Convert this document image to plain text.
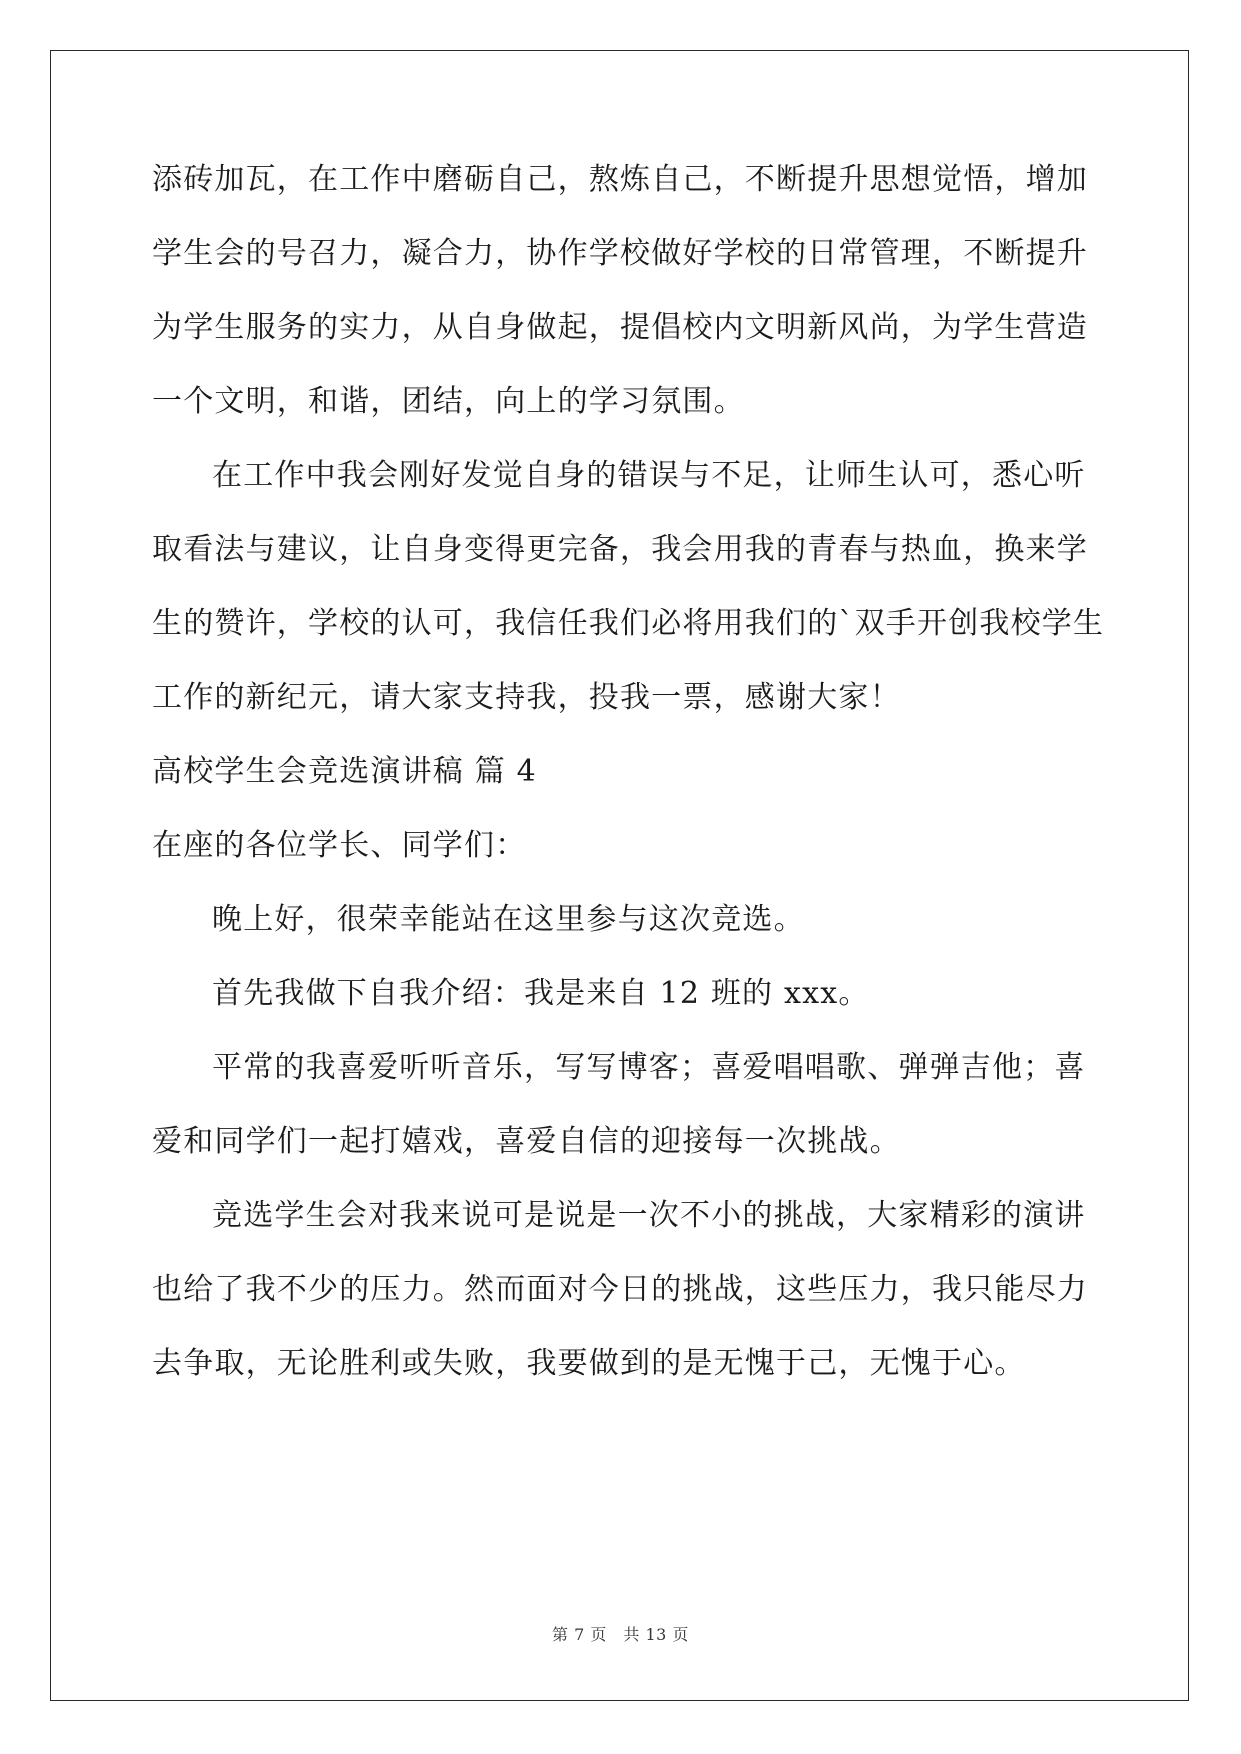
添砖加瓦，在工作中磨砺自己，熬炼自己，不断提升思想觉悟，增加
学生会的号召力，凝合力，协作学校做好学校的日常管理，不断提升
为学生服务的实力，从自身做起，提倡校内文明新风尚，为学生营造
一个文明，和谐，团结，向上的学习氛围。
在工作中我会刚好发觉自身的错误与不足，让师生认可，悉心听
取看法与建议，让自身变得更完备，我会用我的青春与热血，换来学
生的赞许，学校的认可，我信任我们必将用我们的`双手开创我校学生
工作的新纪元，请大家支持我，投我一票，感谢大家！
高校学生会竞选演讲稿 篇 4
在座的各位学长、同学们：
晚上好，很荣幸能站在这里参与这次竞选。
首先我做下自我介绍：我是来自 12 班的 xxx。
平常的我喜爱听听音乐，写写博客；喜爱唱唱歌、弹弹吉他；喜
爱和同学们一起打嬉戏，喜爱自信的迎接每一次挑战。
竞选学生会对我来说可是说是一次不小的挑战，大家精彩的演讲
也给了我不少的压力。然而面对今日的挑战，这些压力，我只能尽力
去争取，无论胜利或失败，我要做到的是无愧于己，无愧于心。
第 7 页　共 13 页
